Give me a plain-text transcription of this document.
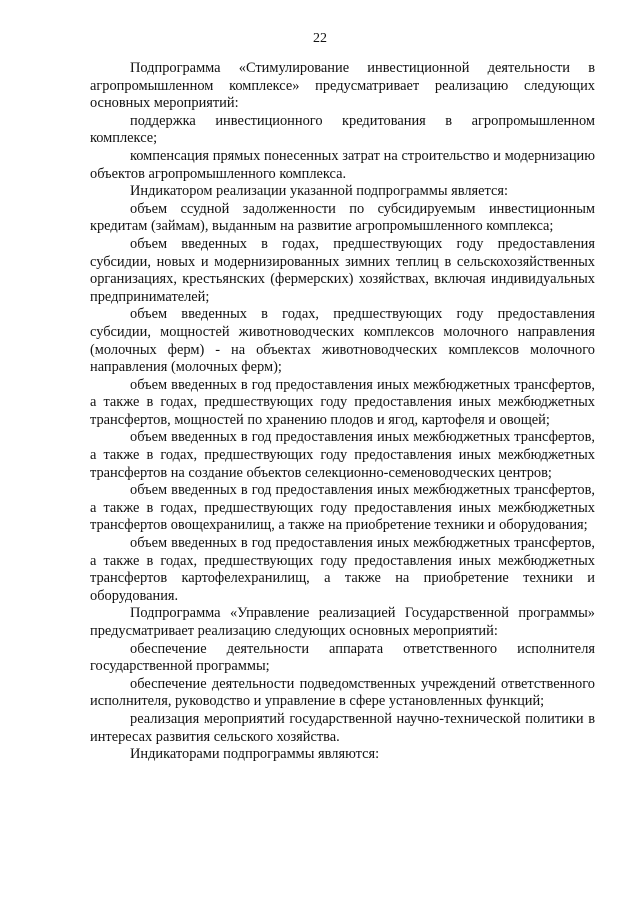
22

Подпрограмма «Стимулирование инвестиционной деятельности в агропромышленном комплексе» предусматривает реализацию следующих основных мероприятий:

поддержка инвестиционного кредитования в агропромышленном комплексе;

компенсация прямых понесенных затрат на строительство и модернизацию объектов агропромышленного комплекса.

Индикатором реализации указанной подпрограммы является:

объем ссудной задолженности по субсидируемым инвестиционным кредитам (займам), выданным на развитие агропромышленного комплекса;

объем введенных в годах, предшествующих году предоставления субсидии, новых и модернизированных зимних теплиц в сельскохозяйственных организациях, крестьянских (фермерских) хозяйствах, включая индивидуальных предпринимателей;

объем введенных в годах, предшествующих году предоставления субсидии, мощностей животноводческих комплексов молочного направления (молочных ферм) - на объектах животноводческих комплексов молочного направления (молочных ферм);

объем введенных в год предоставления иных межбюджетных трансфертов, а также в годах, предшествующих году предоставления иных межбюджетных трансфертов, мощностей по хранению плодов и ягод, картофеля и овощей;

объем введенных в год предоставления иных межбюджетных трансфертов, а также в годах, предшествующих году предоставления иных межбюджетных трансфертов на создание объектов селекционно-семеноводческих центров;

объем введенных в год предоставления иных межбюджетных трансфертов, а также в годах, предшествующих году предоставления иных межбюджетных трансфертов овощехранилищ, а также на приобретение техники и оборудования;

объем введенных в год предоставления иных межбюджетных трансфертов, а также в годах, предшествующих году предоставления иных межбюджетных трансфертов картофелехранилищ, а также на приобретение техники и оборудования.

Подпрограмма «Управление реализацией Государственной программы» предусматривает реализацию следующих основных мероприятий:

обеспечение деятельности аппарата ответственного исполнителя государственной программы;

обеспечение деятельности подведомственных учреждений ответственного исполнителя, руководство и управление в сфере установленных функций;

реализация мероприятий государственной научно-технической политики в интересах развития сельского хозяйства.

Индикаторами подпрограммы являются:
